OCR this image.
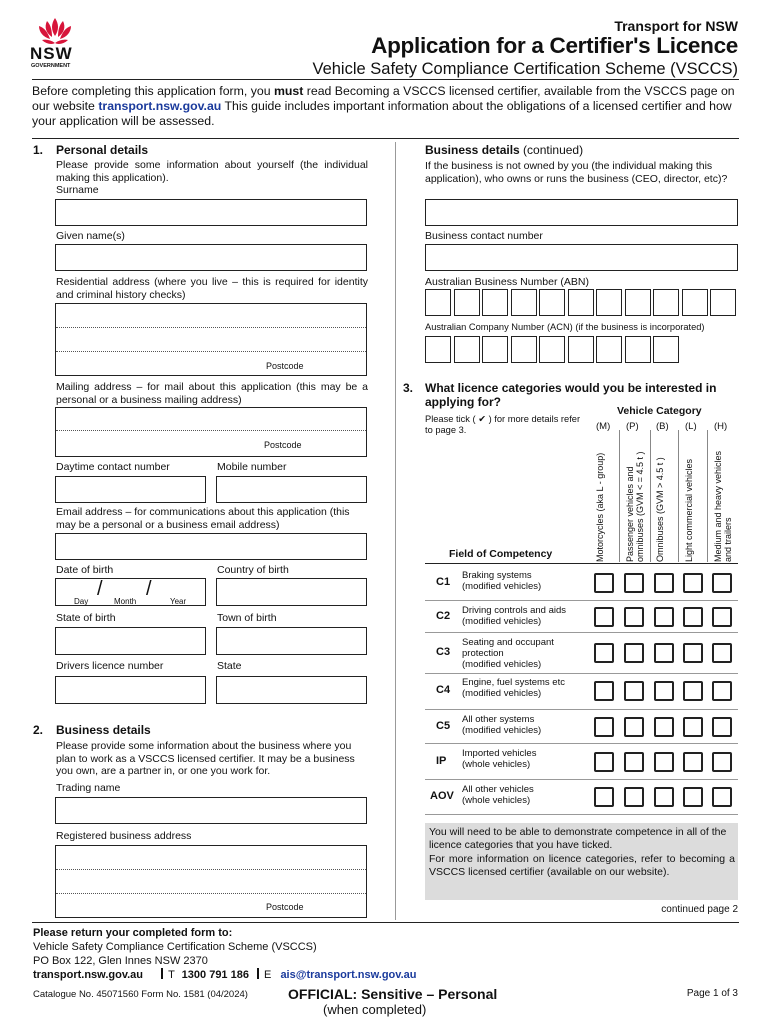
NSW
GOVERNMENT
Transport for NSW
Application for a Certifier's Licence
Vehicle Safety Compliance Certification Scheme (VSCCS)
Before completing this application form, you must read Becoming a VSCCS licensed certifier, available from the VSCCS page on our website transport.nsw.gov.au This guide includes important information about the obligations of a licensed certifier and how your application will be assessed.
1. Personal details
Please provide some information about yourself (the individual making this application).
Surname
Given name(s)
Residential address (where you live – this is required for identity and criminal history checks)
Postcode
Mailing address – for mail about this application (this may be a personal or a business mailing address)
Postcode
Daytime contact number	Mobile number
Email address – for communications about this application (this may be a personal or a business email address)
Date of birth	Country of birth
/ /
Day	Month	Year
State of birth	Town of birth
Drivers licence number	State
2. Business details
Please provide some information about the business where you plan to work as a VSCCS licensed certifier. It may be a business you own, are a partner in, or one you work for.
Trading name
Registered business address
Postcode
Business details (continued)
If the business is not owned by you (the individual making this application), who owns or runs the business (CEO, director, etc)?
Business contact number
Australian Business Number (ABN)
Australian Company Number (ACN) (if the business is incorporated)
3. What licence categories would you be interested in applying for?
Please tick ( ✔ ) for more details refer to page 3.
Vehicle Category
(M) (P) (B) (L) (H)
Motorcycles (aka L - group) Passenger vehicles and omnibuses (GVM < = 4.5 t ) Omnibuses (GVM > 4.5 t ) Light commercial vehicles Medium and heavy vehicles and trailers
Field of Competency
C1
Braking systems
(modified vehicles)
C2 Driving controls and aids
(modified vehicles)
C3
Seating and occupant protection
(modified vehicles)
C4
Engine, fuel systems etc
(modified vehicles)
C5 All other systems
(modified vehicles)
IP
Imported vehicles
(whole vehicles)
AOV
All other vehicles
(whole vehicles)
You will need to be able to demonstrate competence in all of the licence categories that you have ticked.
For more information on licence categories, refer to becoming a VSCCS licensed certifier (available on our website).
continued page 2
Please return your completed form to:
Vehicle Safety Compliance Certification Scheme (VSCCS)
PO Box 122, Glen Innes NSW 2370
transport.nsw.gov.au T 1300 791 186 E ais@transport.nsw.gov.au
Catalogue No. 45071560 Form No. 1581 (04/2024)	OFFICIAL: Sensitive – Personal
(when completed)
Page 1 of 3
